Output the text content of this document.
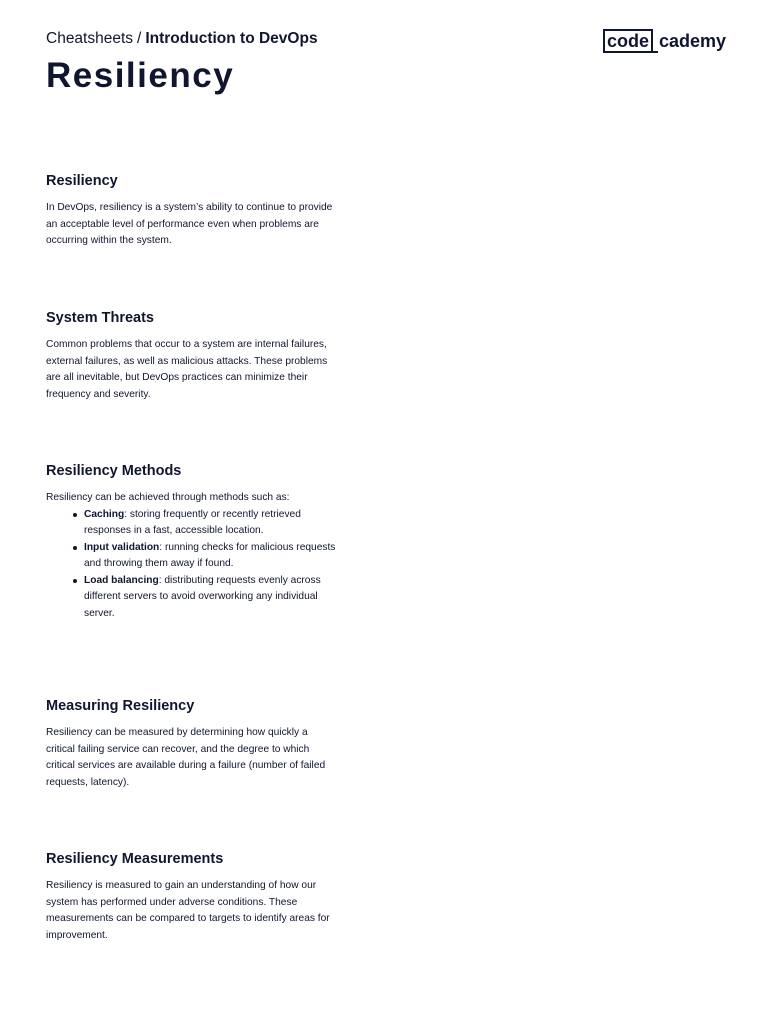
Cheatsheets / Introduction to DevOps
Resiliency
code cademy
Resiliency

In DevOps, resiliency is a system’s ability to continue to provide an acceptable level of performance even when problems are occurring within the system.

System Threats

Common problems that occur to a system are internal failures, external failures, as well as malicious attacks. These problems are all inevitable, but DevOps practices can minimize their frequency and severity.

Resiliency Methods

Resiliency can be achieved through methods such as:

Caching: storing frequently or recently retrieved responses in a fast, accessible location.
Input validation: running checks for malicious requests and throwing them away if found.
Load balancing: distributing requests evenly across different servers to avoid overworking any individual server.
Measuring Resiliency

Resiliency can be measured by determining how quickly a critical failing service can recover, and the degree to which critical services are available during a failure (number of failed requests, latency).

Resiliency Measurements

Resiliency is measured to gain an understanding of how our system has performed under adverse conditions. These measurements can be compared to targets to identify areas for improvement.
